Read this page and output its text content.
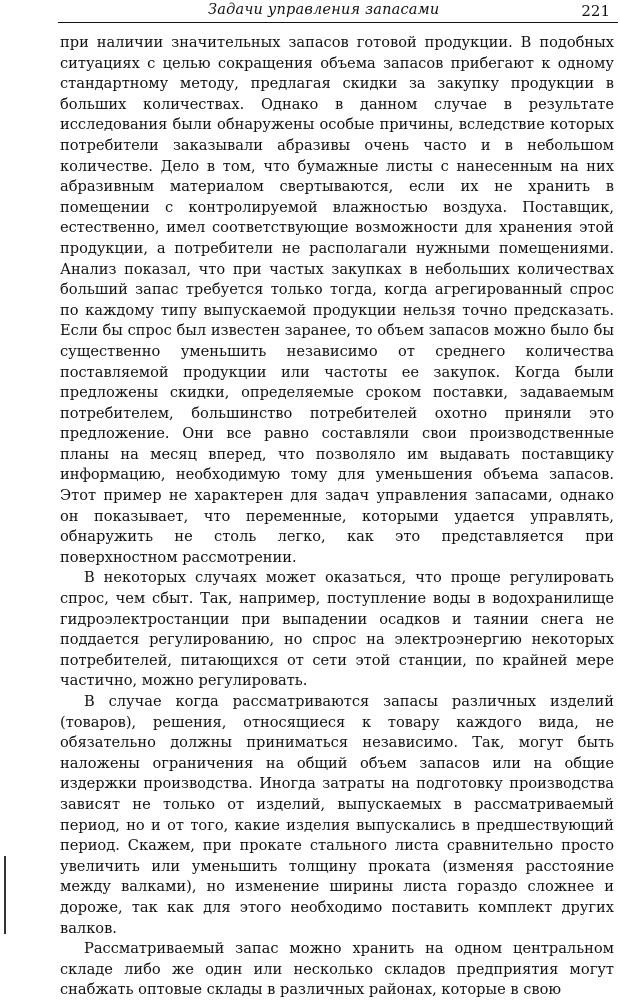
Задачи управления запасами	221

при наличии значительных запасов готовой продукции. В подобных ситуациях с целью сокращения объема запасов прибегают к одному стандартному методу, предлагая скидки за закупку продукции в больших количествах. Однако в данном случае в результате исследования были обнаружены особые причины, вследствие которых потребители заказывали абразивы очень часто и в небольшом количестве. Дело в том, что бумажные листы с нанесенным на них абразивным материалом свертываются, если их не хранить в помещении с контролируемой влажностью воздуха. Поставщик, естественно, имел соответствующие возможности для хранения этой продукции, а потребители не располагали нужными помещениями. Анализ показал, что при частых закупках в небольших количествах больший запас требуется только тогда, когда агрегированный спрос по каждому типу выпускаемой продукции нельзя точно предсказать. Если бы спрос был известен заранее, то объем запасов можно было бы существенно уменьшить независимо от среднего количества поставляемой продукции или частоты ее закупок. Когда были предложены скидки, определяемые сроком поставки, задаваемым потребителем, большинство потребителей охотно приняли это предложение. Они все равно составляли свои производственные планы на месяц вперед, что позволяло им выдавать поставщику информацию, необходимую тому для уменьшения объема запасов. Этот пример не характерен для задач управления запасами, однако он показывает, что переменные, которыми удается управлять, обнаружить не столь легко, как это представляется при поверхностном рассмотрении.

В некоторых случаях может оказаться, что проще регулировать спрос, чем сбыт. Так, например, поступление воды в водохранилище гидроэлектростанции при выпадении осадков и таянии снега не поддается регулированию, но спрос на электроэнергию некоторых потребителей, питающихся от сети этой станции, по крайней мере частично, можно регулировать.

В случае когда рассматриваются запасы различных изделий (товаров), решения, относящиеся к товару каждого вида, не обязательно должны приниматься независимо. Так, могут быть наложены ограничения на общий объем запасов или на общие издержки производства. Иногда затраты на подготовку производства зависят не только от изделий, выпускаемых в рассматриваемый период, но и от того, какие изделия выпускались в предшествующий период. Скажем, при прокате стального листа сравнительно просто увеличить или уменьшить толщину проката (изменяя расстояние между валками), но изменение ширины листа гораздо сложнее и дороже, так как для этого необходимо поставить комплект других валков.

Рассматриваемый запас можно хранить на одном центральном складе либо же один или несколько складов предприятия могут снабжать оптовые склады в различных районах, которые в свою
